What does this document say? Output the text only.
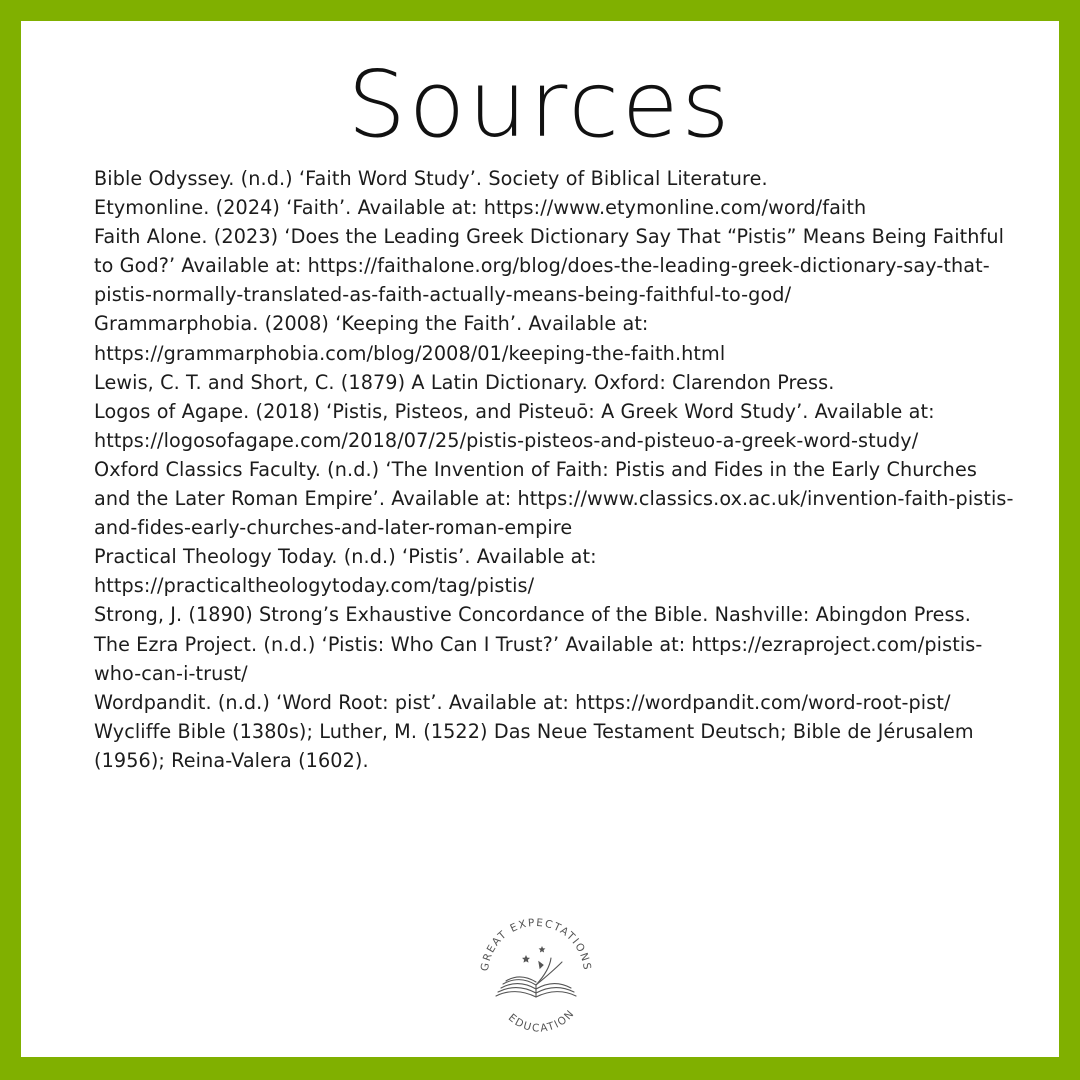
Sources

Bible Odyssey. (n.d.) ‘Faith Word Study’. Society of Biblical Literature.

Etymonline. (2024) ‘Faith’. Available at: https://www.etymonline.com/word/faith

Faith Alone. (2023) ‘Does the Leading Greek Dictionary Say That “Pistis” Means Being Faithful to God?’ Available at: https://faithalone.org/blog/does-the-leading-greek-dictionary-say-that-pistis-normally-translated-as-faith-actually-means-being-faithful-to-god/

Grammarphobia. (2008) ‘Keeping the Faith’. Available at: https://grammarphobia.com/blog/2008/01/keeping-the-faith.html

Lewis, C. T. and Short, C. (1879) A Latin Dictionary. Oxford: Clarendon Press.

Logos of Agape. (2018) ‘Pistis, Pisteos, and Pisteuō: A Greek Word Study’. Available at: https://logosofagape.com/2018/07/25/pistis-pisteos-and-pisteuo-a-greek-word-study/

Oxford Classics Faculty. (n.d.) ‘The Invention of Faith: Pistis and Fides in the Early Churches and the Later Roman Empire’. Available at: https://www.classics.ox.ac.uk/invention-faith-pistis-and-fides-early-churches-and-later-roman-empire

Practical Theology Today. (n.d.) ‘Pistis’. Available at: https://practicaltheologytoday.com/tag/pistis/

Strong, J. (1890) Strong’s Exhaustive Concordance of the Bible. Nashville: Abingdon Press.

The Ezra Project. (n.d.) ‘Pistis: Who Can I Trust?’ Available at: https://ezraproject.com/pistis-who-can-i-trust/

Wordpandit. (n.d.) ‘Word Root: pist’. Available at: https://wordpandit.com/word-root-pist/

Wycliffe Bible (1380s); Luther, M. (1522) Das Neue Testament Deutsch; Bible de Jérusalem (1956); Reina-Valera (1602).

GREAT EXPECTATIONS
EDUCATION
